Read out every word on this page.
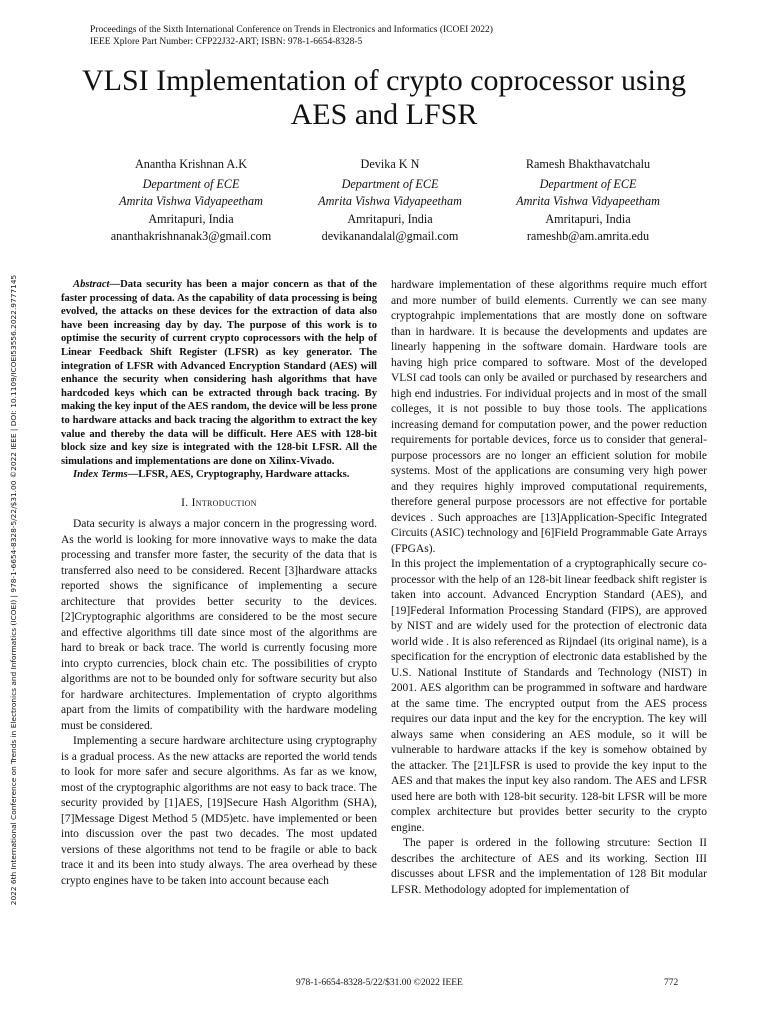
Proceedings of the Sixth International Conference on Trends in Electronics and Informatics (ICOEI 2022)
IEEE Xplore Part Number: CFP22J32-ART; ISBN: 978-1-6654-8328-5
VLSI Implementation of crypto coprocessor using
AES and LFSR
Anantha Krishnan A.K
Department of ECE
Amrita Vishwa Vidyapeetham
Amritapuri, India
ananthakrishnanak3@gmail.com
Devika K N
Department of ECE
Amrita Vishwa Vidyapeetham
Amritapuri, India
devikanandalal@gmail.com
Ramesh Bhakthavatchalu
Department of ECE
Amrita Vishwa Vidyapeetham
Amritapuri, India
rameshb@am.amrita.edu
2022 6th International Conference on Trends in Electronics and Informatics (ICOEI) | 978-1-6654-8328-5/22/$31.00 ©2022 IEEE | DOI: 10.1109/ICOEI53556.2022.9777145	Abstract—Data security has been a major concern as that of the faster processing of data. As the capability of data processing is being evolved, the attacks on these devices for the extraction of data also have been increasing day by day. The purpose of this work is to optimise the security of current crypto coprocessors with the help of Linear Feedback Shift Register (LFSR) as key generator. The integration of LFSR with Advanced Encryption Standard (AES) will enhance the security when considering hash algorithms that have hardcoded keys which can be extracted through back tracing. By making the key input of the AES random, the device will be less prone to hardware attacks and back tracing the algorithm to extract the key value and thereby the data will be difficult. Here AES with 128-bit block size and key size is integrated with the 128-bit LFSR. All the simulations and implementations are done on Xilinx-Vivado.

Index Terms—LFSR, AES, Cryptography, Hardware attacks.

I. Introduction

Data security is always a major concern in the progressing word. As the world is looking for more innovative ways to make the data processing and transfer more faster, the security of the data that is transferred also need to be considered. Recent [3]hardware attacks reported shows the significance of implementing a secure architecture that provides better security to the devices. [2]Cryptographic algorithms are considered to be the most secure and effective algorithms till date since most of the algorithms are hard to break or back trace. The world is currently focusing more into crypto currencies, block chain etc. The possibilities of crypto algorithms are not to be bounded only for software security but also for hardware architectures. Implementation of crypto algorithms apart from the limits of compatibility with the hardware modeling must be considered.

Implementing a secure hardware architecture using cryptography is a gradual process. As the new attacks are reported the world tends to look for more safer and secure algorithms. As far as we know, most of the cryptographic algorithms are not easy to back trace. The security provided by [1]AES, [19]Secure Hash Algorithm (SHA), [7]Message Digest Method 5 (MD5)etc. have implemented or been into discussion over the past two decades. The most updated versions of these algorithms not tend to be fragile or able to back trace it and its been into study always. The area overhead by these crypto engines have to be taken into account because each

hardware implementation of these algorithms require much effort and more number of build elements. Currently we can see many cryptograhpic implementations that are mostly done on software than in hardware. It is because the developments and updates are linearly happening in the software domain. Hardware tools are having high price compared to software. Most of the developed VLSI cad tools can only be availed or purchased by researchers and high end industries. For individual projects and in most of the small colleges, it is not possible to buy those tools. The applications increasing demand for computation power, and the power reduction requirements for portable devices, force us to consider that general-purpose processors are no longer an efficient solution for mobile systems. Most of the applications are consuming very high power and they requires highly improved computational requirements, therefore general purpose processors are not effective for portable devices . Such approaches are [13]Application-Specific Integrated Circuits (ASIC) technology and [6]Field Programmable Gate Arrays (FPGAs).

In this project the implementation of a cryptographically secure co-processor with the help of an 128-bit linear feedback shift register is taken into account. Advanced Encryption Standard (AES), and [19]Federal Information Processing Standard (FIPS), are approved by NIST and are widely used for the protection of electronic data world wide . It is also referenced as Rijndael (its original name), is a specification for the encryption of electronic data established by the U.S. National Institute of Standards and Technology (NIST) in 2001. AES algorithm can be programmed in software and hardware at the same time. The encrypted output from the AES process requires our data input and the key for the encryption. The key will always same when considering an AES module, so it will be vulnerable to hardware attacks if the key is somehow obtained by the attacker. The [21]LFSR is used to provide the key input to the AES and that makes the input key also random. The AES and LFSR used here are both with 128-bit security. 128-bit LFSR will be more complex architecture but provides better security to the crypto engine.

The paper is ordered in the following strcuture: Section II describes the architecture of AES and its working. Section III discusses about LFSR and the implementation of 128 Bit modular LFSR. Methodology adopted for implementation of

978-1-6654-8328-5/22/$31.00 ©2022 IEEE	772
